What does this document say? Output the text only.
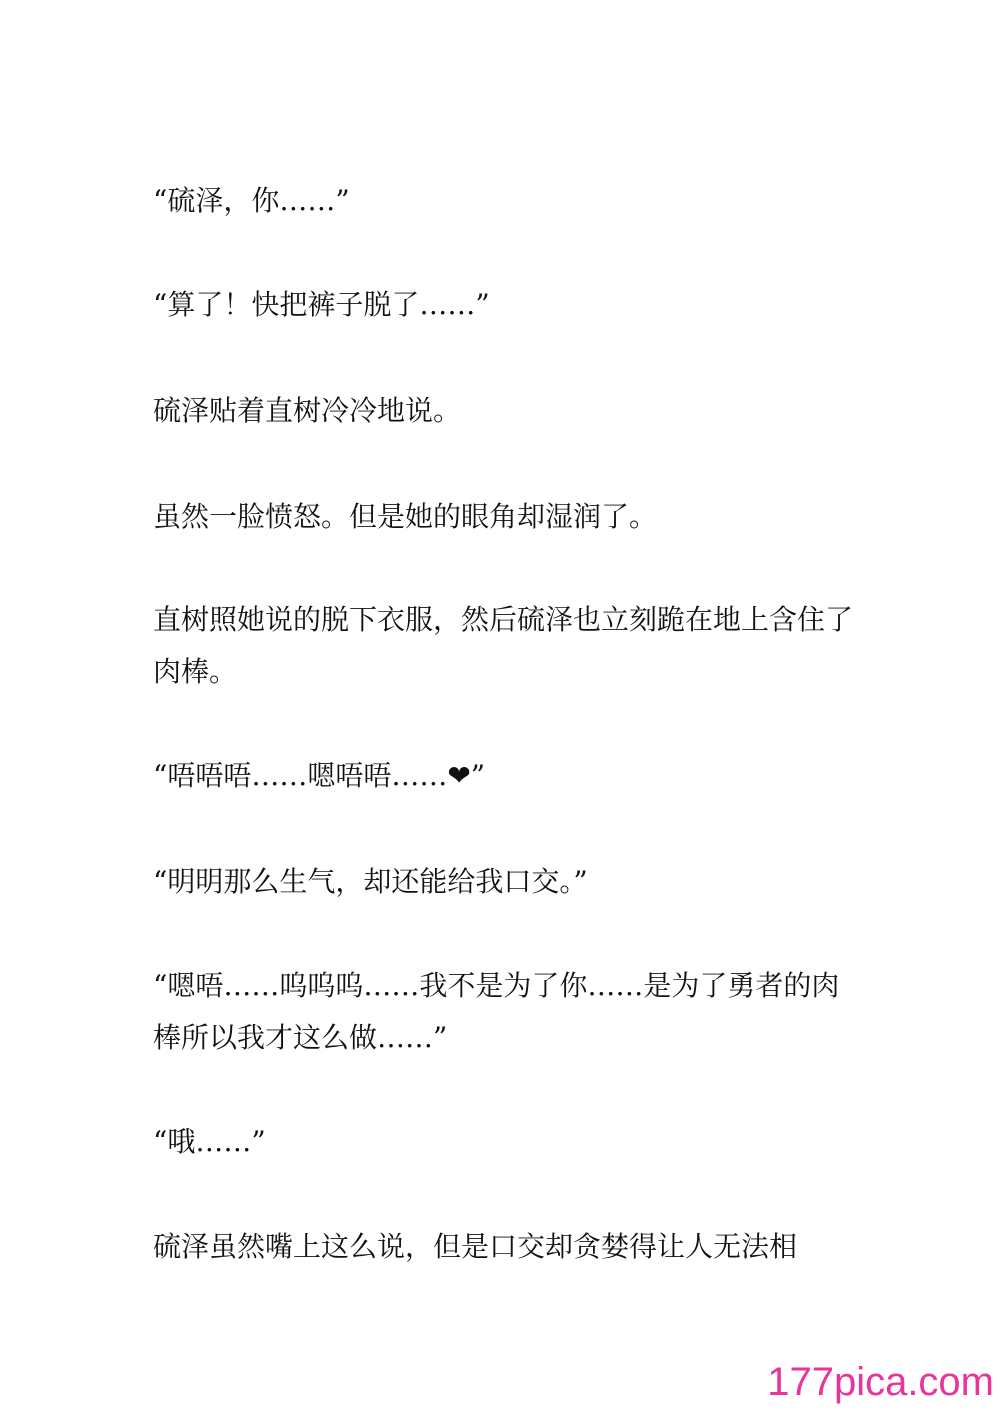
“硫泽，你……”

“算了！快把裤子脱了……”

硫泽贴着直树冷冷地说。

虽然一脸愤怒。但是她的眼角却湿润了。

直树照她说的脱下衣服，然后硫泽也立刻跪在地上含住了肉棒。

“唔唔唔……嗯唔唔……❤”

“明明那么生气，却还能给我口交。”

“嗯唔……呜呜呜……我不是为了你……是为了勇者的肉棒所以我才这么做……”

“哦……”

硫泽虽然嘴上这么说，但是口交却贪婪得让人无法相

177pica.com
